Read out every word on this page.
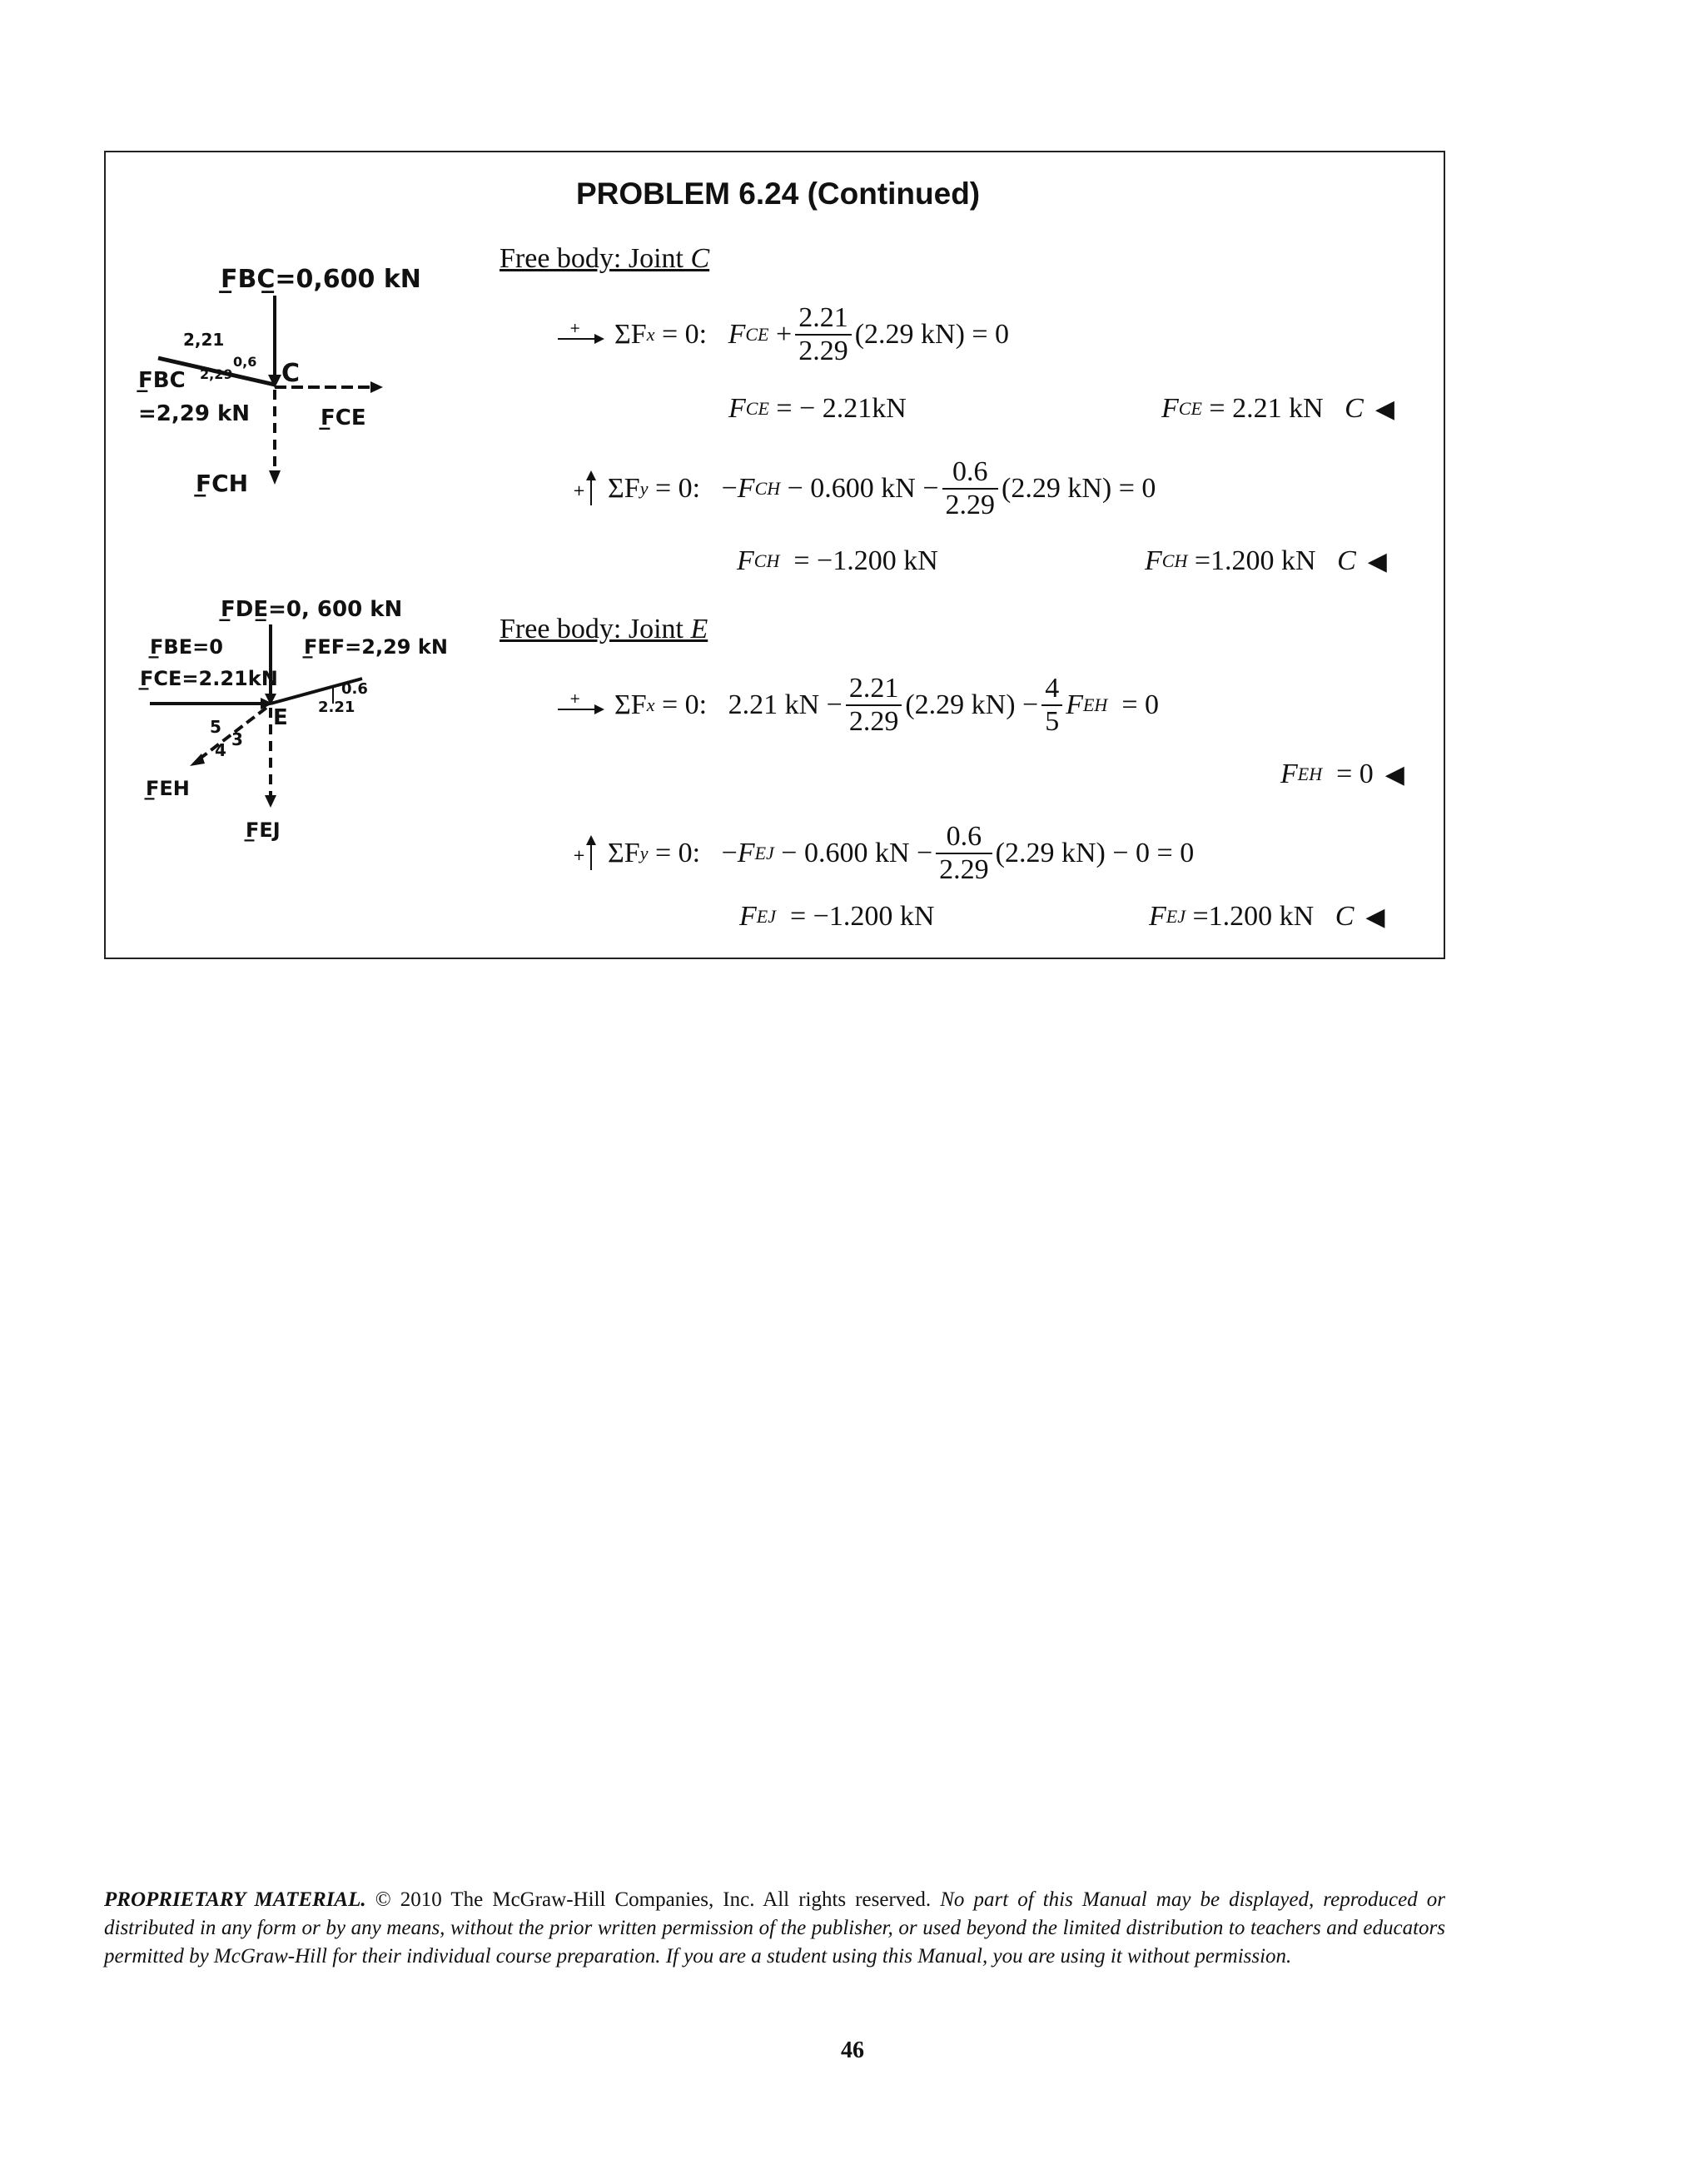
PROBLEM 6.24 (Continued)
F̲BC̲=0,600 kN
2,21
0,6
2,29 C
F̲BC
=2,29 kN	F̲CE
F̲CH
F̲DE̲=0, 600 kN
F̲BE=0
F̲CE=2.21kN
F̲EF=2,29 kN
0.6
2.21
E
5
3
4
F̲EH
F̲EJ
Free body: Joint C
+ ΣF x
= 0:
F CE
+ $\frac{2.21}{2.29} (2.29$ kN) = 0
F CE
= − 2.21kN	F CE
= 2.21 kN
C ◀
+ ΣF y
= 0:
− F CH
− 0.600 kN − $\frac{0.6}{2.29} (2.29$ kN) = 0
F CH
= −1.200 kN	F CH
=1.200 kN
C ◀
Free body: Joint E
+ ΣF x
= 0:
2.21 kN − $\frac{2.21}{2.29} (2.29$ $kN) - \frac{4}{5}$ F EH
= 0
F EH
= 0 ◀
+ ΣF y
= 0:
− F EJ
− 0.600 kN − $\frac{0.6}{2.29} (2.29$ kN) − 0 = 0
F EJ
= −1.200 kN	F EJ
=1.200 kN
C ◀
PROPRIETARY MATERIAL. © 2010 The McGraw-Hill Companies, Inc. All rights reserved. No part of this Manual may be displayed, reproduced or distributed in any form or by any means, without the prior written permission of the publisher, or used beyond the limited distribution to teachers and educators permitted by McGraw-Hill for their individual course preparation. If you are a student using this Manual, you are using it without permission.
46
